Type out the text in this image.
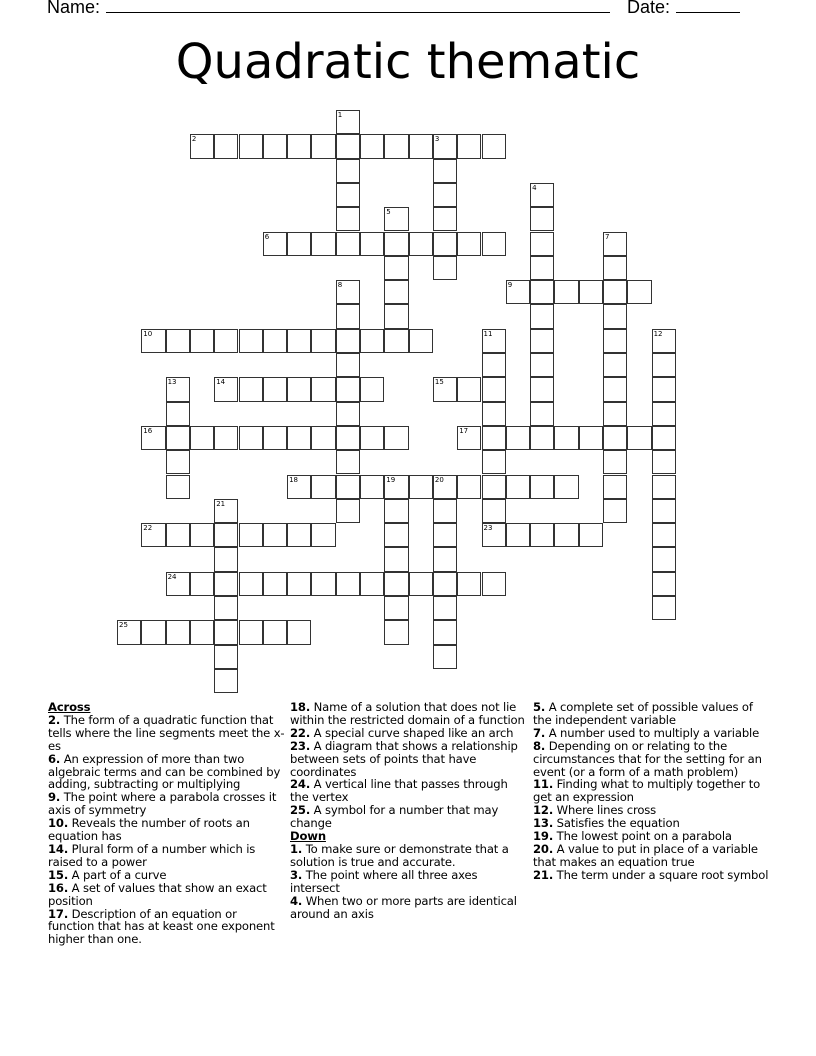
Name:	Date:
Quadratic thematic
1
2	3
4
5
6	7
8	9
10	11
23
12
13	14	15
16	17
18	19	20
21
22
24
25
Across
2. The form of a quadratic function that tells where the line segments meet the x-es
6. An expression of more than two algebraic terms and can be combined by adding, subtracting or multiplying
9. The point where a parabola crosses it axis of symmetry
10. Reveals the number of roots an equation has
14. Plural form of a number which is raised to a power
15. A part of a curve
16. A set of values that show an exact position
17. Description of an equation or function that has at keast one exponent higher than one.
18. Name of a solution that does not lie within the restricted domain of a function
22. A special curve shaped like an arch
23. A diagram that shows a relationship between sets of points that have coordinates
24. A vertical line that passes through the vertex
25. A symbol for a number that may change
Down
1. To make sure or demonstrate that a solution is true and accurate.
3. The point where all three axes intersect
4. When two or more parts are identical around an axis
5. A complete set of possible values of the independent variable
7. A number used to multiply a variable
8. Depending on or relating to the circumstances that for the setting for an event (or a form of a math problem)
11. Finding what to multiply together to get an expression
12. Where lines cross
13. Satisfies the equation
19. The lowest point on a parabola
20. A value to put in place of a variable that makes an equation true
21. The term under a square root symbol
